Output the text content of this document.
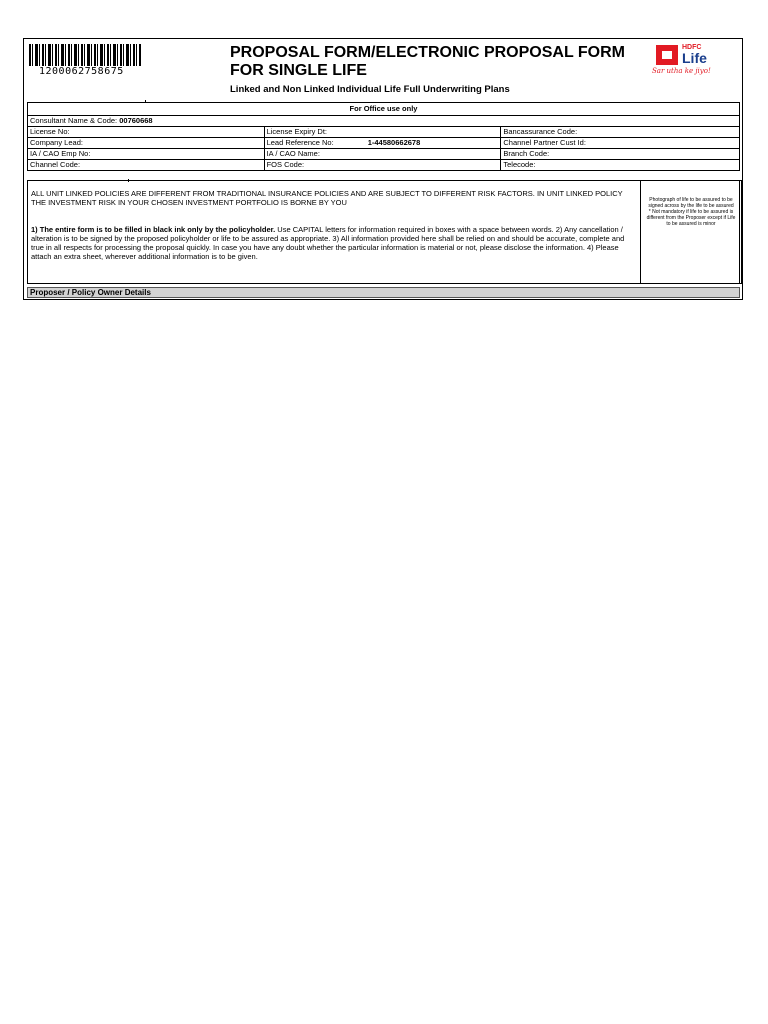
1200062758675
PROPOSAL FORM/ELECTRONIC PROPOSAL FORM FOR SINGLE LIFE
Linked and Non Linked Individual Life Full Underwriting Plans
HDFC
Life
Sar utha ke jiyo!
For Office use only		
Consultant Name & Code: 00760668		
License No:	License Expiry Dt:	Bancassurance Code:
Company Lead:	Lead Reference No: 1-44580662678	Channel Partner Cust Id:
IA / CAO Emp No:	IA / CAO Name:	Branch Code:
Channel Code:	FOS Code:	Telecode:
ALL UNIT LINKED POLICIES ARE DIFFERENT FROM TRADITIONAL INSURANCE POLICIES AND ARE SUBJECT TO DIFFERENT RISK FACTORS. IN UNIT LINKED POLICY THE INVESTMENT RISK IN YOUR CHOSEN INVESTMENT PORTFOLIO IS BORNE BY YOU
1) The entire form is to be filled in black ink only by the policyholder. Use CAPITAL letters for information required in boxes with a space between words. 2) Any cancellation / alteration is to be signed by the proposed policyholder or life to be assured as appropriate. 3) All information provided here shall be relied on and should be accurate, complete and true in all respects for processing the proposal quickly. In case you have any doubt whether the particular information is material or not, please disclose the information. 4) Please attach an extra sheet, wherever additional information is to be given.

Photograph of life to be assured to be signed across by the life to be assured

* Not mandatory if life to be assured is different from the Proposer except if Life to be assured is minor

Proposer / Policy Owner Details
